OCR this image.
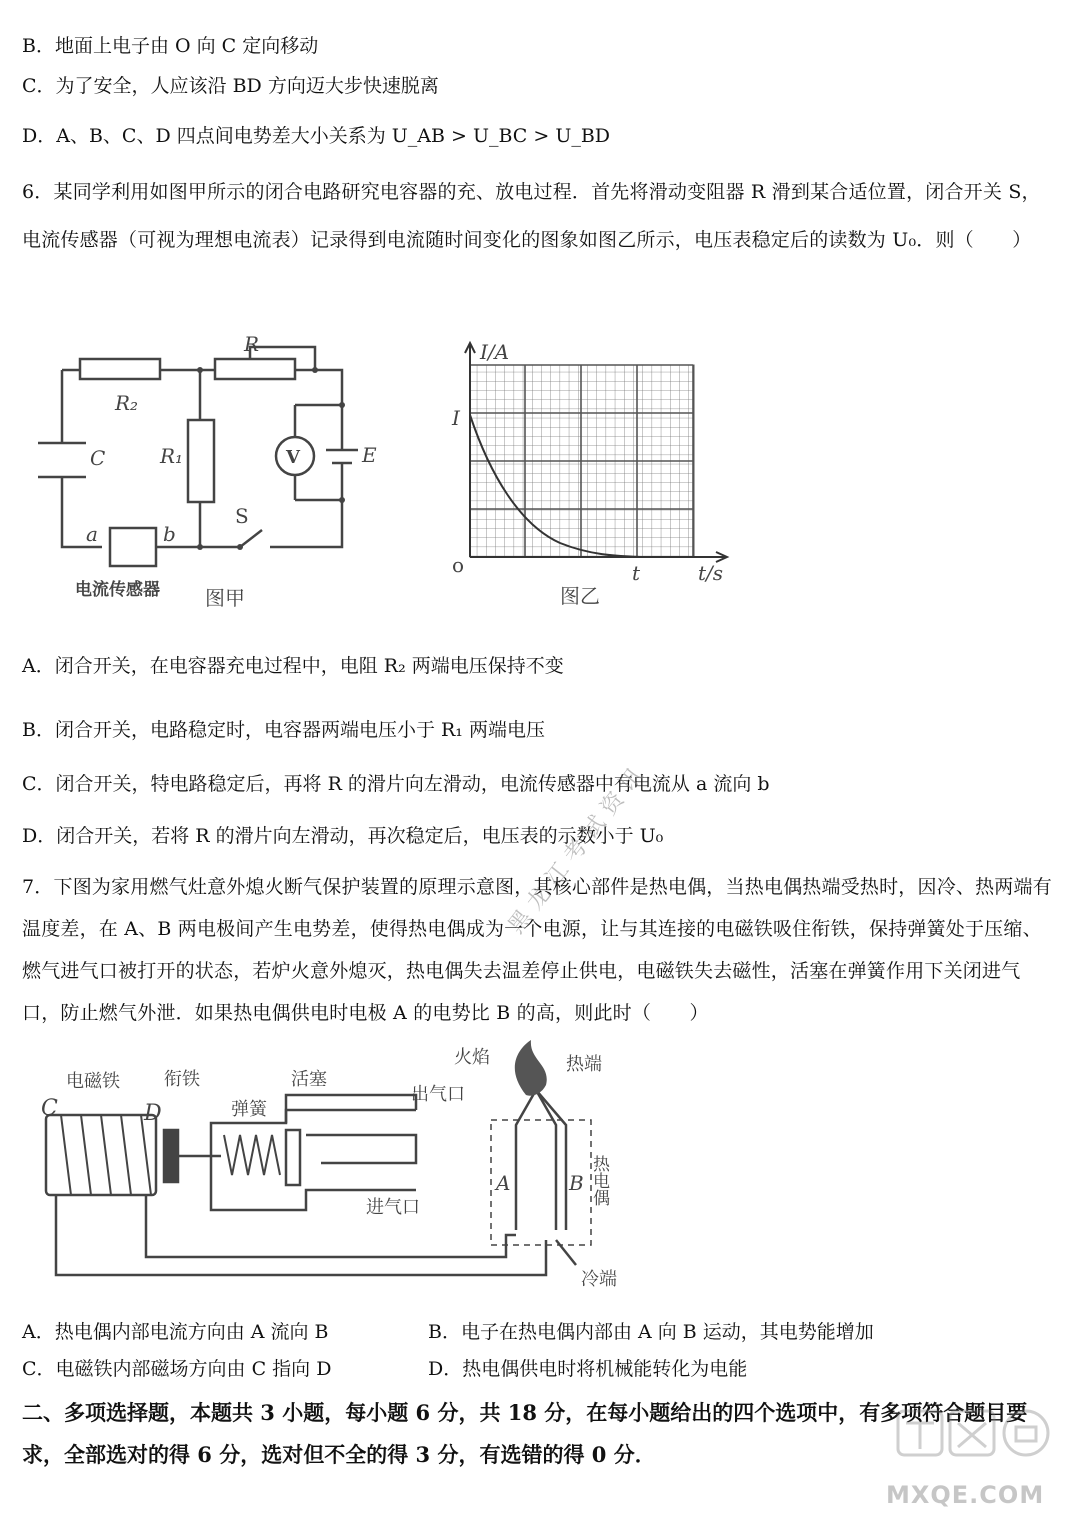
B．地面上电子由 O 向 C 定向移动
C．为了安全，人应该沿 BD 方向迈大步快速脱离
D．A、B、C、D 四点间电势差大小关系为 U_AB > U_BC > U_BD
6．某同学利用如图甲所示的闭合电路研究电容器的充、放电过程．首先将滑动变阻器 R 滑到某合适位置，闭合开关 S，电流传感器（可视为理想电流表）记录得到电流随时间变化的图象如图乙所示，电压表稳定后的读数为 U₀．则（　　）
R
R₂
R₁
C	V	E
S
a	b
电流传感器 图甲
I/A
I
o	t	t/s
图乙
A．闭合开关，在电容器充电过程中，电阻 R₂ 两端电压保持不变
B．闭合开关，电路稳定时，电容器两端电压小于 R₁ 两端电压
C．闭合开关，特电路稳定后，再将 R 的滑片向左滑动，电流传感器中有电流从 a 流向 b
D．闭合开关，若将 R 的滑片向左滑动，再次稳定后，电压表的示数小于 U₀
黑龙江考试资讯
7．下图为家用燃气灶意外熄火断气保护装置的原理示意图，其核心部件是热电偶，当热电偶热端受热时，因冷、热两端有温度差，在 A、B 两电极间产生电势差，使得热电偶成为一个电源，让与其连接的电磁铁吸住衔铁，保持弹簧处于压缩、燃气进气口被打开的状态，若炉火意外熄灭，热电偶失去温差停止供电，电磁铁失去磁性，活塞在弹簧作用下关闭进气口，防止燃气外泄．如果热电偶供电时电极 A 的电势比 B 的高，则此时（　　）
电磁铁 衔铁
弹簧
活塞
火焰	热端
出气口
进气口
冷端
C	D
A	B 热电偶
A．热电偶内部电流方向由 A 流向 B	B．电子在热电偶内部由 A 向 B 运动，其电势能增加
C．电磁铁内部磁场方向由 C 指向 D	D．热电偶供电时将机械能转化为电能
二、多项选择题，本题共 3 小题，每小题 6 分，共 18 分，在每小题给出的四个选项中，有多项符合题目要求，全部选对的得 6 分，选对但不全的得 3 分，有选错的得 0 分．
MXQE.COM
